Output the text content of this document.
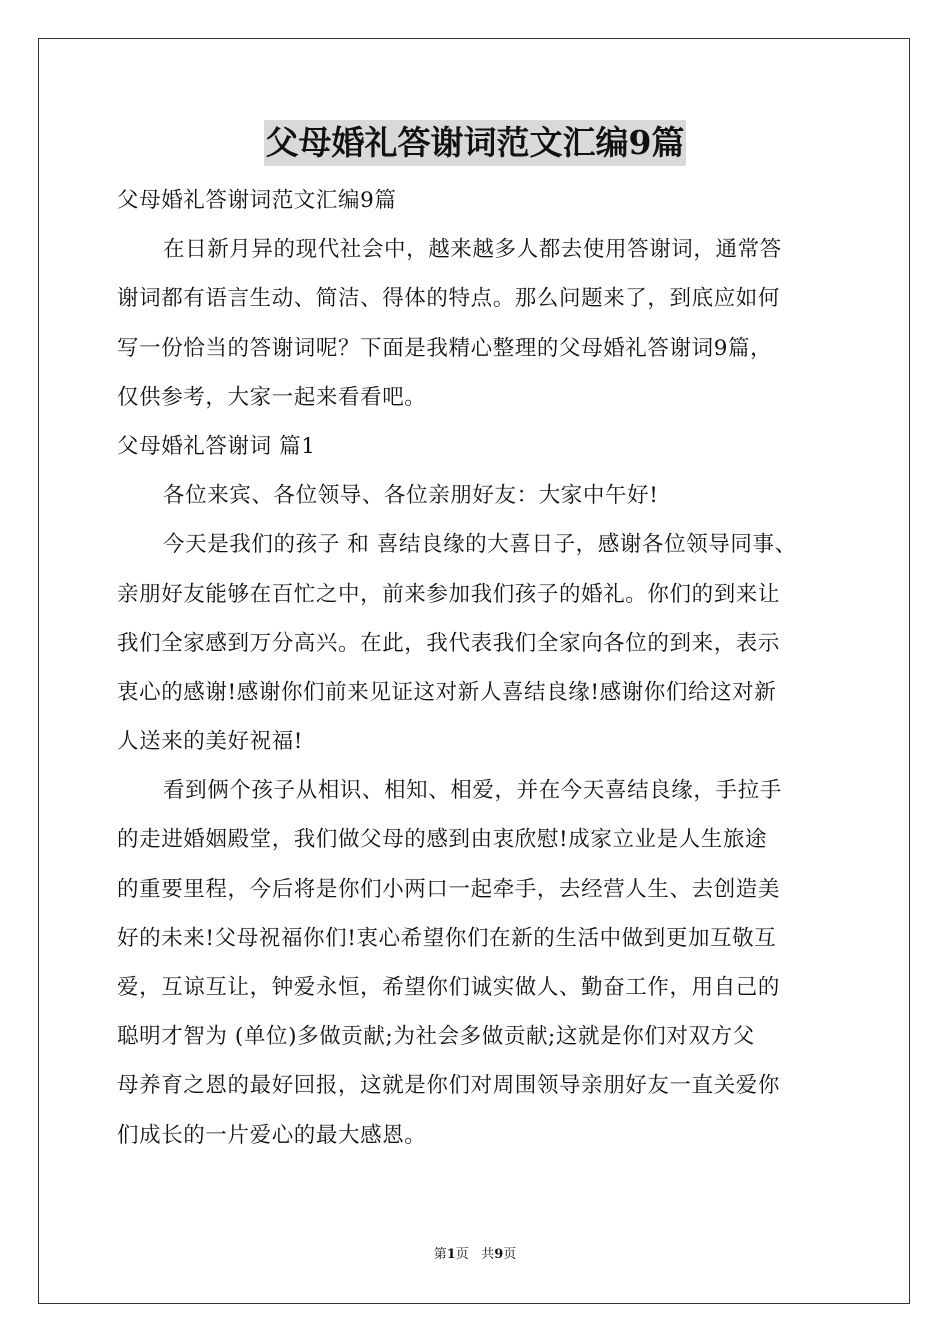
父母婚礼答谢词范文汇编9篇
父母婚礼答谢词范文汇编9篇
在日新月异的现代社会中，越来越多人都去使用答谢词，通常答
谢词都有语言生动、简洁、得体的特点。那么问题来了，到底应如何
写一份恰当的答谢词呢？下面是我精心整理的父母婚礼答谢词9篇，
仅供参考，大家一起来看看吧。
父母婚礼答谢词 篇1
各位来宾、各位领导、各位亲朋好友：大家中午好!
今天是我们的孩子 和 喜结良缘的大喜日子，感谢各位领导同事、
亲朋好友能够在百忙之中，前来参加我们孩子的婚礼。你们的到来让
我们全家感到万分高兴。在此，我代表我们全家向各位的到来，表示
衷心的感谢!感谢你们前来见证这对新人喜结良缘!感谢你们给这对新
人送来的美好祝福!
看到俩个孩子从相识、相知、相爱，并在今天喜结良缘，手拉手
的走进婚姻殿堂，我们做父母的感到由衷欣慰!成家立业是人生旅途
的重要里程，今后将是你们小两口一起牵手，去经营人生、去创造美
好的未来!父母祝福你们!衷心希望你们在新的生活中做到更加互敬互
爱，互谅互让，钟爱永恒，希望你们诚实做人、勤奋工作，用自己的
聪明才智为 (单位)多做贡献;为社会多做贡献;这就是你们对双方父
母养育之恩的最好回报，这就是你们对周围领导亲朋好友一直关爱你
们成长的一片爱心的最大感恩。
第1页 共9页
